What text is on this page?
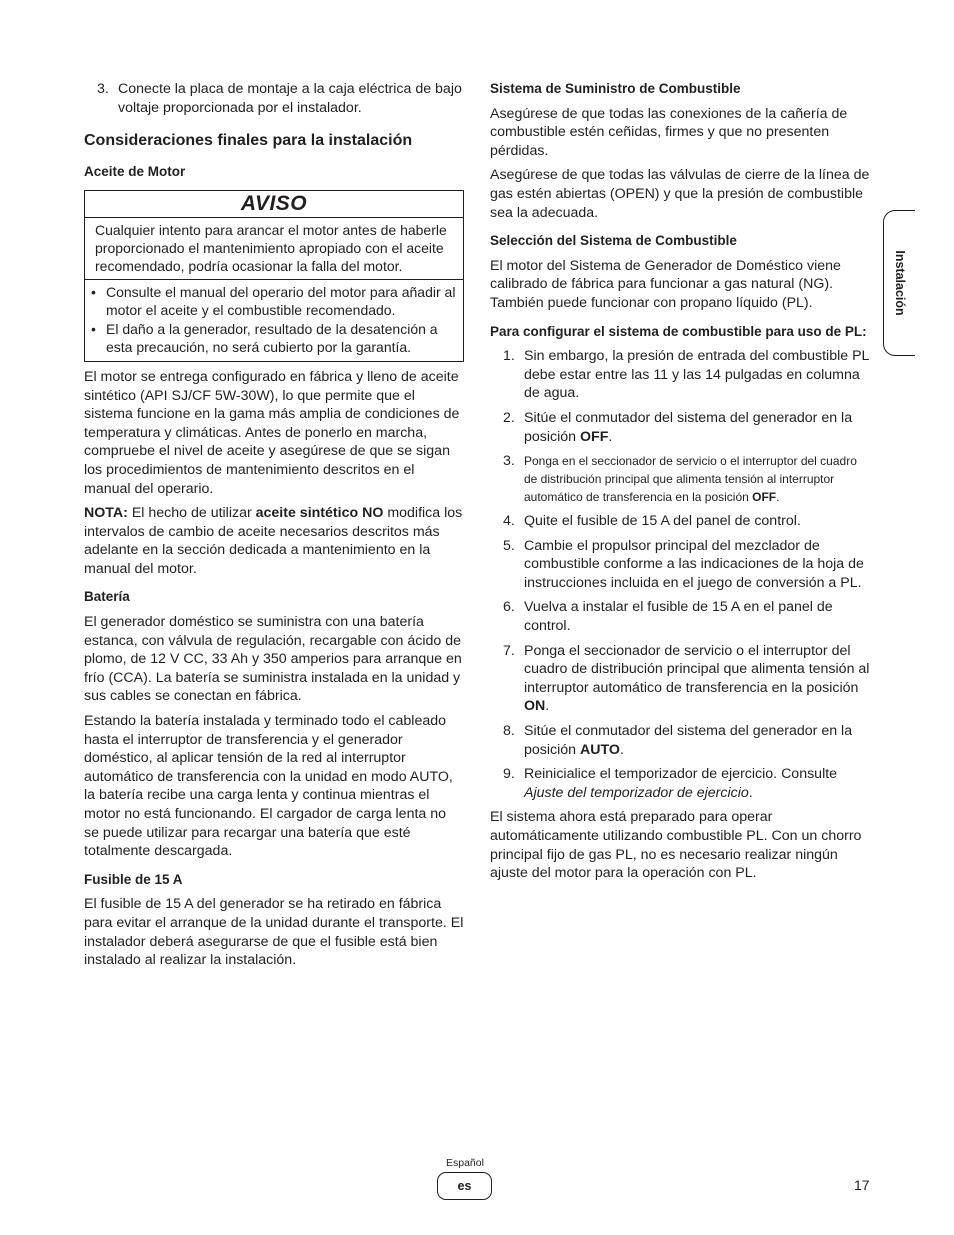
3. Conecte la placa de montaje a la caja eléctrica de bajo voltaje proporcionada por el instalador.
Consideraciones finales para la instalación
Aceite de Motor
AVISO
Cualquier intento para arancar el motor antes de haberle proporcionado el mantenimiento apropiado con el aceite recomendado, podría ocasionar la falla del motor.
• Consulte el manual del operario del motor para añadir al motor el aceite y el combustible recomendado.
• El daño a la generador, resultado de la desatención a esta precaución, no será cubierto por la garantía.

El motor se entrega configurado en fábrica y lleno de aceite sintético (API SJ/CF 5W-30W), lo que permite que el sistema funcione en la gama más amplia de condiciones de temperatura y climáticas. Antes de ponerlo en marcha, compruebe el nivel de aceite y asegúrese de que se sigan los procedimientos de mantenimiento descritos en el manual del operario.

NOTA: El hecho de utilizar aceite sintético NO modifica los intervalos de cambio de aceite necesarios descritos más adelante en la sección dedicada a mantenimiento en la manual del motor.

Batería

El generador doméstico se suministra con una batería estanca, con válvula de regulación, recargable con ácido de plomo, de 12 V CC, 33 Ah y 350 amperios para arranque en frío (CCA). La batería se suministra instalada en la unidad y sus cables se conectan en fábrica.

Estando la batería instalada y terminado todo el cableado hasta el interruptor de transferencia y el generador doméstico, al aplicar tensión de la red al interruptor automático de transferencia con la unidad en modo AUTO, la batería recibe una carga lenta y continua mientras el motor no está funcionando. El cargador de carga lenta no se puede utilizar para recargar una batería que esté totalmente descargada.

Fusible de 15 A

El fusible de 15 A del generador se ha retirado en fábrica para evitar el arranque de la unidad durante el transporte. El instalador deberá asegurarse de que el fusible está bien instalado al realizar la instalación.

Sistema de Suministro de Combustible

Asegúrese de que todas las conexiones de la cañería de combustible estén ceñidas, firmes y que no presenten pérdidas.

Asegúrese de que todas las válvulas de cierre de la línea de gas estén abiertas (OPEN) y que la presión de combustible sea la adecuada.

Selección del Sistema de Combustible

El motor del Sistema de Generador de Doméstico viene calibrado de fábrica para funcionar a gas natural (NG). También puede funcionar con propano líquido (PL).

Para configurar el sistema de combustible para uso de PL:
1. Sin embargo, la presión de entrada del combustible PL debe estar entre las 11 y las 14 pulgadas en columna de agua.
2. Sitúe el conmutador del sistema del generador en la posición OFF.
3. Ponga en el seccionador de servicio o el interruptor del cuadro de distribución principal que alimenta tensión al interruptor automático de transferencia en la posición OFF.
4. Quite el fusible de 15 A del panel de control.
5. Cambie el propulsor principal del mezclador de combustible conforme a las indicaciones de la hoja de instrucciones incluida en el juego de conversión a PL.
6. Vuelva a instalar el fusible de 15 A en el panel de control.
7. Ponga el seccionador de servicio o el interruptor del cuadro de distribución principal que alimenta tensión al interruptor automático de transferencia en la posición ON.
8. Sitúe el conmutador del sistema del generador en la posición AUTO.
9. Reinicialice el temporizador de ejercicio. Consulte Ajuste del temporizador de ejercicio.

El sistema ahora está preparado para operar automáticamente utilizando combustible PL. Con un chorro principal fijo de gas PL, no es necesario realizar ningún ajuste del motor para la operación con PL.

Instalación
Español
es	17
